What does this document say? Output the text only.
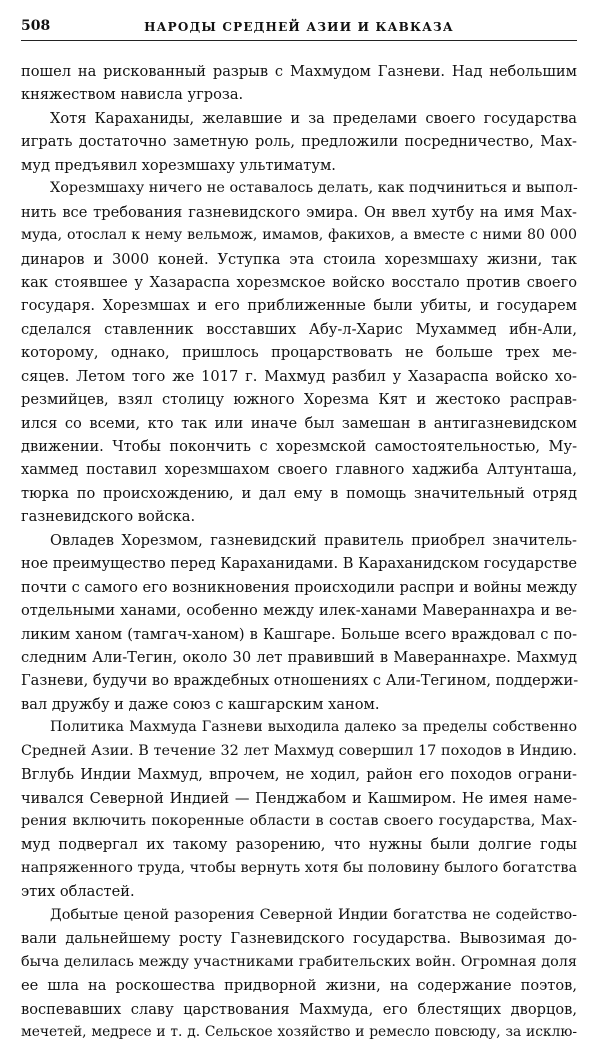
508	НАРОДЫ СРЕДНЕЙ АЗИИ И КАВКАЗА
пошел на рискованный разрыв с Махмудом Газневи. Над небольшим
княжеством нависла угроза.
Хотя Караханиды, желавшие и за пределами своего государства
играть достаточно заметную роль, предложили посредничество, Мах-
муд предъявил хорезмшаху ультиматум.
Хорезмшаху ничего не оставалось делать, как подчиниться и выпол-
нить все требования газневидского эмира. Он ввел хутбу на имя Мах-
муда, отослал к нему вельмож, имамов, факихов, а вместе с ними 80 000
динаров и 3000 коней. Уступка эта стоила хорезмшаху жизни, так
как стоявшее у Хазараспа хорезмское войско восстало против своего
государя. Хорезмшах и его приближенные были убиты, и государем
сделался ставленник восставших Абу-л-Харис Мухаммед ибн-Али,
которому, однако, пришлось процарствовать не больше трех ме-
сяцев. Летом того же 1017 г. Махмуд разбил у Хазараспа войско хо-
резмийцев, взял столицу южного Хорезма Кят и жестоко расправ-
ился со всеми, кто так или иначе был замешан в антигазневидском
движении. Чтобы покончить с хорезмской самостоятельностью, Му-
хаммед поставил хорезмшахом своего главного хаджиба Алтунташа,
тюрка по происхождению, и дал ему в помощь значительный отряд
газневидского войска.
Овладев Хорезмом, газневидский правитель приобрел значитель-
ное преимущество перед Караханидами. В Караханидском государстве
почти с самого его возникновения происходили распри и войны между
отдельными ханами, особенно между илек-ханами Мавераннахра и ве-
ликим ханом (тамгач-ханом) в Кашгаре. Больше всего враждовал с по-
следним Али-Тегин, около 30 лет правивший в Мавераннахре. Махмуд
Газневи, будучи во враждебных отношениях с Али-Тегином, поддержи-
вал дружбу и даже союз с кашгарским ханом.
Политика Махмуда Газневи выходила далеко за пределы собственно
Средней Азии. В течение 32 лет Махмуд совершил 17 походов в Индию.
Вглубь Индии Махмуд, впрочем, не ходил, район его походов ограни-
чивался Северной Индией — Пенджабом и Кашмиром. Не имея наме-
рения включить покоренные области в состав своего государства, Мах-
муд подвергал их такому разорению, что нужны были долгие годы
напряженного труда, чтобы вернуть хотя бы половину былого богатства
этих областей.
Добытые ценой разорения Северной Индии богатства не содейство-
вали дальнейшему росту Газневидского государства. Вывозимая до-
быча делилась между участниками грабительских войн. Огромная доля
ее шла на роскошества придворной жизни, на содержание поэтов,
воспевавших славу царствования Махмуда, его блестящих дворцов,
мечетей, медресе и т. д. Сельское хозяйство и ремесло повсюду, за исклю-
